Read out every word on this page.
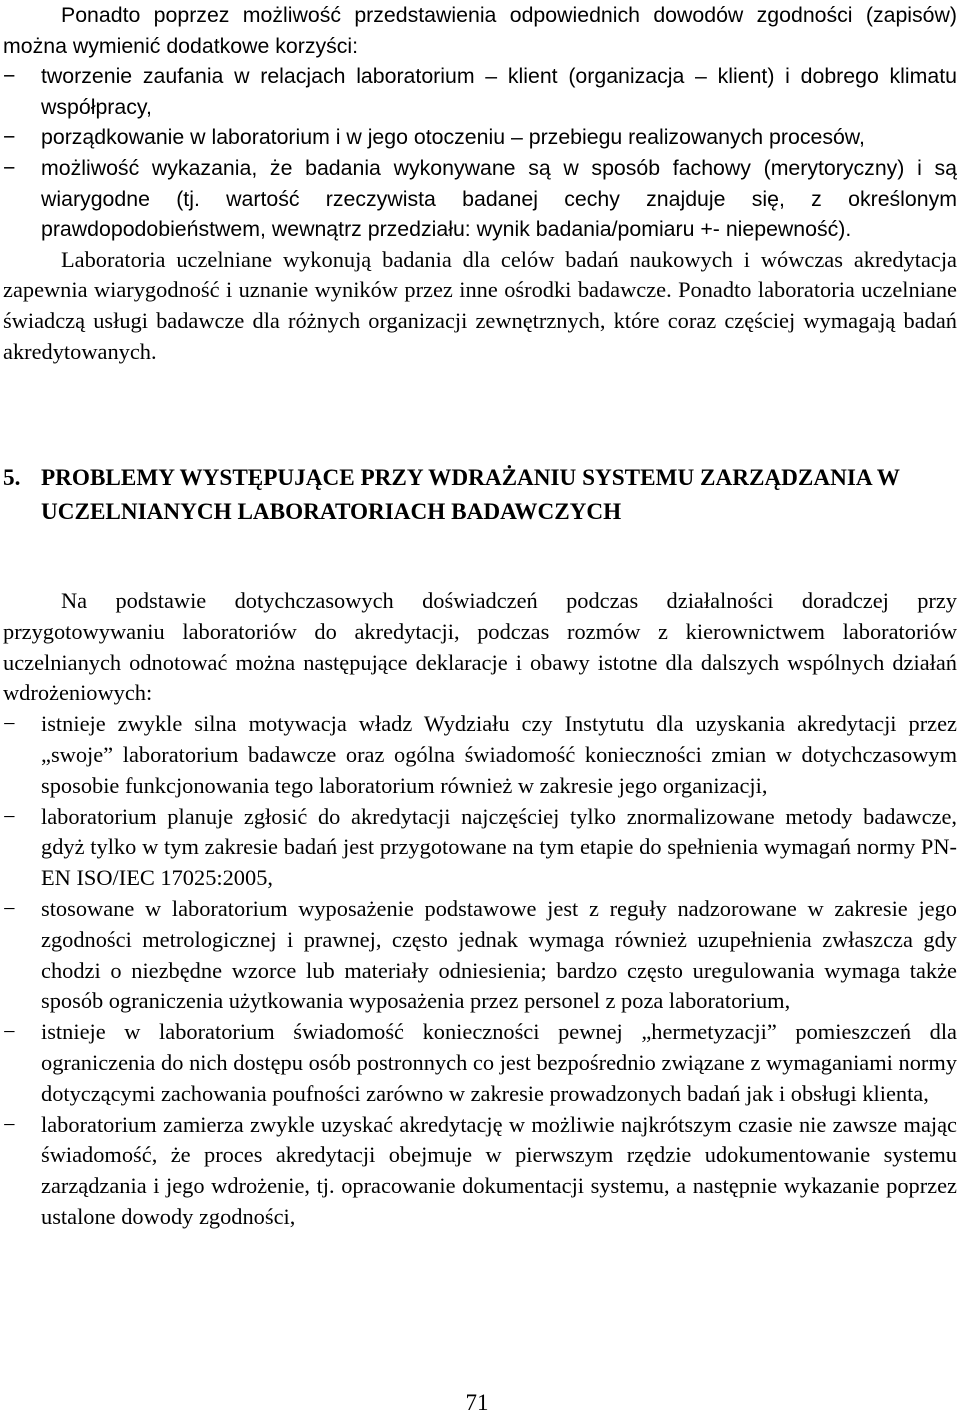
Ponadto poprzez możliwość przedstawienia odpowiednich dowodów zgodności (zapisów) można wymienić dodatkowe korzyści:

−
tworzenie zaufania w relacjach laboratorium – klient (organizacja – klient) i dobrego klimatu współpracy,
−
porządkowanie w laboratorium i w jego otoczeniu – przebiegu realizowanych procesów,
−
możliwość wykazania, że badania wykonywane są w sposób fachowy (merytoryczny) i są wiarygodne (tj. wartość rzeczywista badanej cechy znajduje się, z określonym prawdopodobieństwem, wewnątrz przedziału: wynik badania/pomiaru +- niepewność).

Laboratoria uczelniane wykonują badania dla celów badań naukowych i wówczas akredytacja zapewnia wiarygodność i uznanie wyników przez inne ośrodki badawcze. Ponadto laboratoria uczelniane świadczą usługi badawcze dla różnych organizacji zewnętrznych, które coraz częściej wymagają badań akredytowanych.

5. PROBLEMY WYSTĘPUJĄCE PRZY WDRAŻANIU SYSTEMU ZARZĄDZANIA W UCZELNIANYCH LABORATORIACH BADAWCZYCH

Na podstawie dotychczasowych doświadczeń podczas działalności doradczej przy przygotowywaniu laboratoriów do akredytacji, podczas rozmów z kierownictwem laboratoriów uczelnianych odnotować można następujące deklaracje i obawy istotne dla dalszych wspólnych działań wdrożeniowych:

−
istnieje zwykle silna motywacja władz Wydziału czy Instytutu dla uzyskania akredytacji przez „swoje” laboratorium badawcze oraz ogólna świadomość konieczności zmian w dotychczasowym sposobie funkcjonowania tego laboratorium również w zakresie jego organizacji,
−
laboratorium planuje zgłosić do akredytacji najczęściej tylko znormalizowane metody badawcze, gdyż tylko w tym zakresie badań jest przygotowane na tym etapie do spełnienia wymagań normy PN-EN ISO/IEC 17025:2005,
−
stosowane w laboratorium wyposażenie podstawowe jest z reguły nadzorowane w zakresie jego zgodności metrologicznej i prawnej, często jednak wymaga również uzupełnienia zwłaszcza gdy chodzi o niezbędne wzorce lub materiały odniesienia; bardzo często uregulowania wymaga także sposób ograniczenia użytkowania wyposażenia przez personel z poza laboratorium,
−
istnieje w laboratorium świadomość konieczności pewnej „hermetyzacji” pomieszczeń dla ograniczenia do nich dostępu osób postronnych co jest bezpośrednio związane z wymaganiami normy dotyczącymi zachowania poufności zarówno w zakresie prowadzonych badań jak i obsługi klienta,
−
laboratorium zamierza zwykle uzyskać akredytację w możliwie najkrótszym czasie nie zawsze mając świadomość, że proces akredytacji obejmuje w pierwszym rzędzie udokumentowanie systemu zarządzania i jego wdrożenie, tj. opracowanie dokumentacji systemu, a następnie wykazanie poprzez ustalone dowody zgodności,
71
